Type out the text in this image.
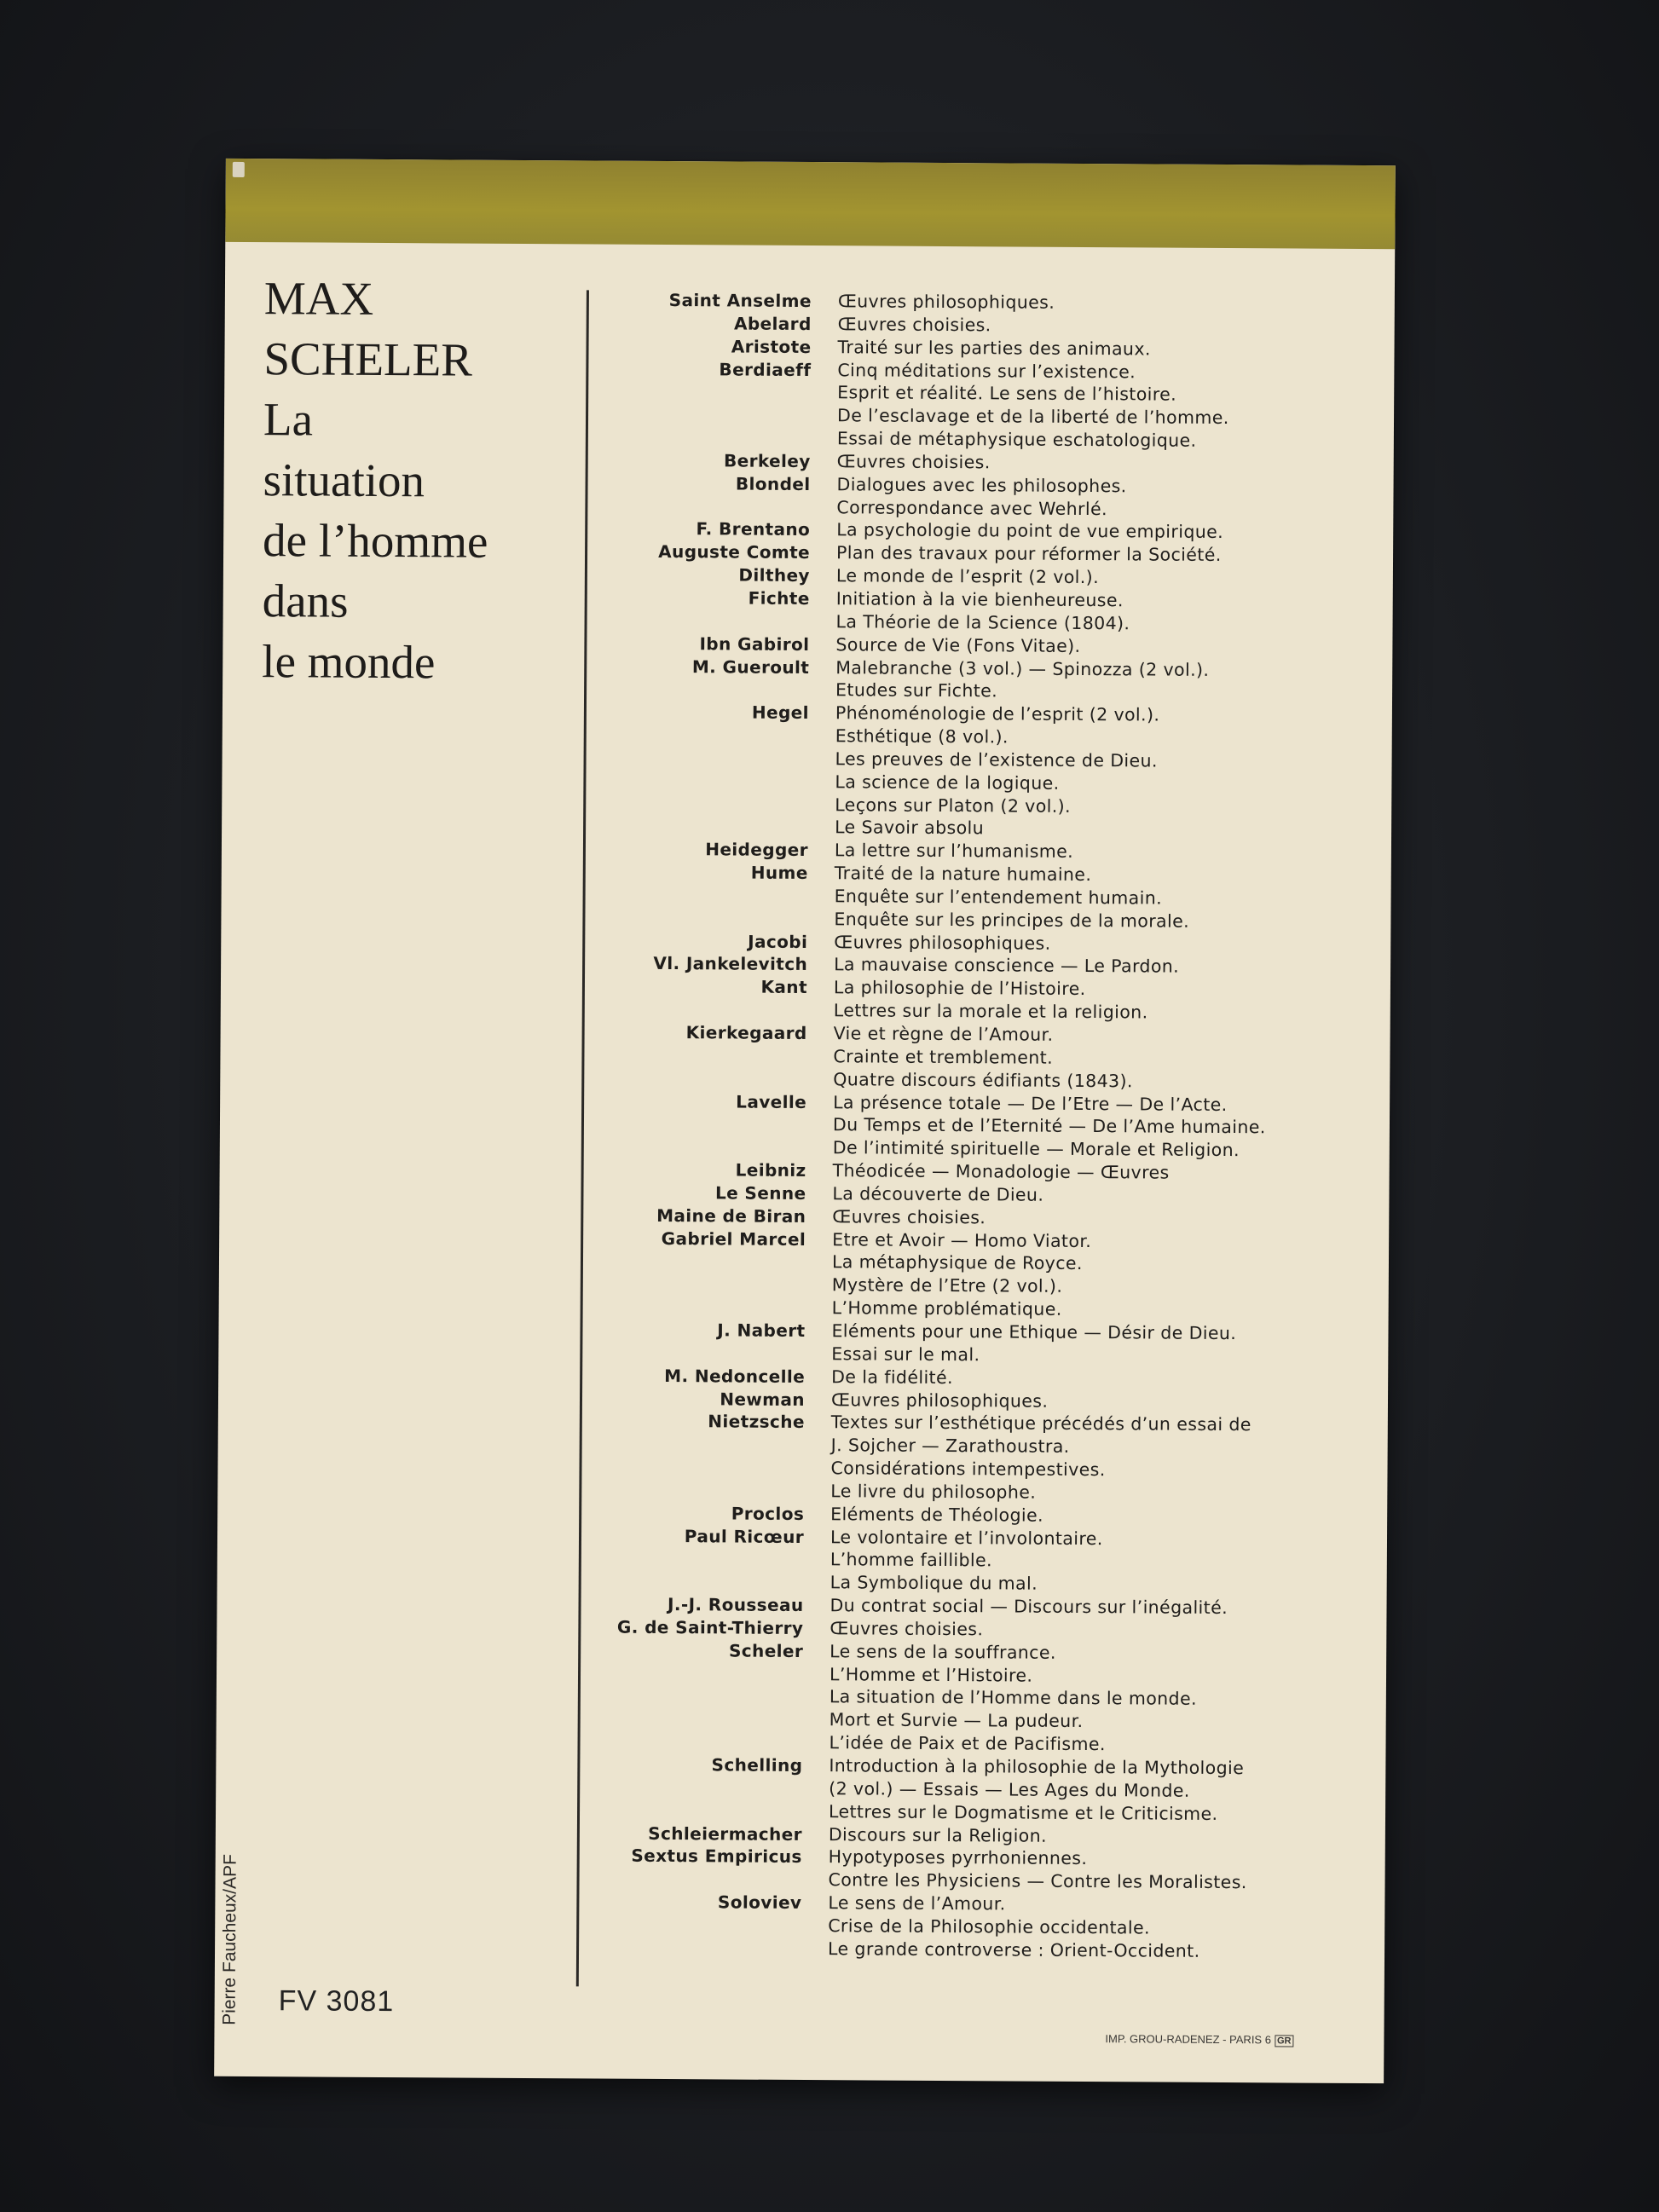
MAX
SCHELER
La
situation
de l’homme
dans
le monde
Saint Anselme Œuvres philosophiques.
Abelard Œuvres choisies.
Aristote Traité sur les parties des animaux.
Berdiaeff Cinq méditations sur l’existence.
Esprit et réalité. Le sens de l’histoire.
De l’esclavage et de la liberté de l’homme.
Essai de métaphysique eschatologique.
Berkeley Œuvres choisies.
Blondel Dialogues avec les philosophes.
Correspondance avec Wehrlé.
F. Brentano La psychologie du point de vue empirique.
Auguste Comte Plan des travaux pour réformer la Société.
Dilthey Le monde de l’esprit (2 vol.).
Fichte Initiation à la vie bienheureuse.
La Théorie de la Science (1804).
Ibn Gabirol Source de Vie (Fons Vitae).
M. Gueroult Malebranche (3 vol.) — Spinozza (2 vol.).
Etudes sur Fichte.
Hegel Phénoménologie de l’esprit (2 vol.).
Esthétique (8 vol.).
Les preuves de l’existence de Dieu.
La science de la logique.
Leçons sur Platon (2 vol.).
Le Savoir absolu
Heidegger La lettre sur l’humanisme.
Hume Traité de la nature humaine.
Enquête sur l’entendement humain.
Enquête sur les principes de la morale.
Jacobi Œuvres philosophiques.
Vl. Jankelevitch La mauvaise conscience — Le Pardon.
Kant La philosophie de l’Histoire.
Lettres sur la morale et la religion.
Kierkegaard Vie et règne de l’Amour.
Crainte et tremblement.
Quatre discours édifiants (1843).
Lavelle La présence totale — De l’Etre — De l’Acte.
Du Temps et de l’Eternité — De l’Ame humaine.
De l’intimité spirituelle — Morale et Religion.
Leibniz Théodicée — Monadologie — Œuvres
Le Senne La découverte de Dieu.
Maine de Biran Œuvres choisies.
Gabriel Marcel Etre et Avoir — Homo Viator.
La métaphysique de Royce.
Mystère de l’Etre (2 vol.).
L’Homme problématique.
J. Nabert Eléments pour une Ethique — Désir de Dieu.
Essai sur le mal.
M. Nedoncelle De la fidélité.
Newman Œuvres philosophiques.
Nietzsche Textes sur l’esthétique précédés d’un essai de
J. Sojcher — Zarathoustra.
Considérations intempestives.
Le livre du philosophe.
Proclos Eléments de Théologie.
Paul Ricœur Le volontaire et l’involontaire.
L’homme faillible.
La Symbolique du mal.
J.-J. Rousseau Du contrat social — Discours sur l’inégalité.
G. de Saint-Thierry Œuvres choisies.
Scheler Le sens de la souffrance.
L’Homme et l’Histoire.
La situation de l’Homme dans le monde.
Mort et Survie — La pudeur.
L’idée de Paix et de Pacifisme.
Schelling Introduction à la philosophie de la Mythologie
(2 vol.) — Essais — Les Ages du Monde.
Lettres sur le Dogmatisme et le Criticisme.
Schleiermacher Discours sur la Religion.
Sextus Empiricus Hypotyposes pyrrhoniennes.
Contre les Physiciens — Contre les Moralistes.
Soloviev Le sens de l’Amour.
Crise de la Philosophie occidentale.
Le grande controverse : Orient-Occident.

Pierre Faucheux/APF FV 3081
IMP. GROU-RADENEZ - PARIS 6 GR
